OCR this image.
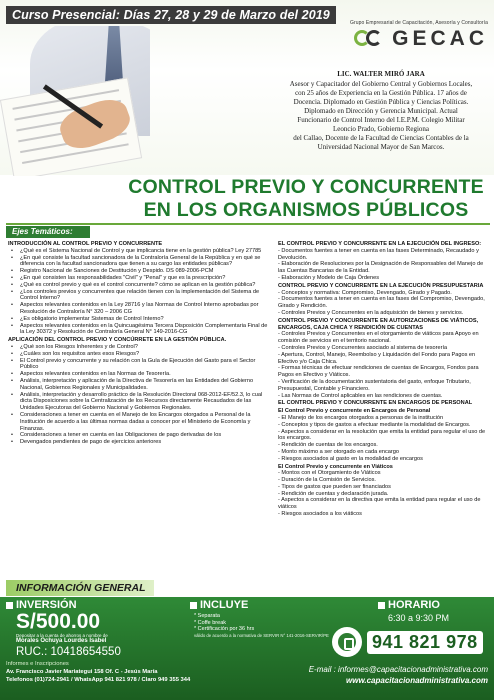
Curso Presencial: Días 27, 28 y 29 de Marzo del 2019
Grupo Empresarial de Capacitación, Asesoría y Consultoría
GECAC
LIC. WALTER MIRÓ JARA
Asesor y Capacitador del Gobierno Central y Gobiernos Locales,
con 25 años de Experiencia en la Gestión Pública. 17 años de
Docencia. Diplomado en Gestión Pública y Ciencias Políticas.
Diplomado en Dirección y Gerencia Municipal. Actual
Funcionario de Control Interno del I.E.P.M. Colegio Militar
Leoncio Prado, Gobierno Regiona
del Callao, Docente de la Facultad de Ciencias Contables de la
Universidad Nacional Mayor de San Marcos.
CONTROL PREVIO Y CONCURRENTE
EN LOS ORGANISMOS PÚBLICOS
Ejes Temáticos:
INTRODUCCIÓN AL CONTROL PREVIO Y CONCURRENTE
• ¿Qué es el Sistema Nacional de Control y que implicancia tiene en la gestión pública? Ley 27785
• ¿En qué consiste la facultad sancionadora de la Contraloría General de la República y en qué se diferencia con la facultad sancionadora que tienen a su cargo las entidades públicas?
• Registro Nacional de Sanciones de Destitución y Despido. DS 089-2006-PCM
• ¿En qué consisten las responsabilidades "Civil" y "Penal" y que es la prescripción?
• ¿Qué es control previo y qué es el control concurrente? cómo se aplican en la gestión pública?
• ¿Los controles previos y concurrentes que relación tienen con la implementación del Sistema de Control Interno?
• Aspectos relevantes contenidos en la Ley 28716 y las Normas de Control Interno aprobadas por Resolución de Contraloría N° 320 – 2006 CG
• ¿Es obligatorio implementar Sistemas de Control Interno?
• Aspectos relevantes contenidos en la Quincuagésima Tercera Disposición Complementaria Final de la Ley 30372 y Resolución de Contraloría General N° 149-2016-CG
APLICACIÓN DEL CONTROL PREVIO Y CONCÚRRETE EN LA GESTIÓN PÚBLICA.
• ¿Qué son los Riesgos Inherentes y de Control?
• ¿Cuáles son los requisitos antes esos Riesgos?
• El Control previo y concurrente y su relación con la Guía de Ejecución del Gasto para el Sector Público
• Aspectos relevantes contenidos en las Normas de Tesorería.
• Análisis, interpretación y aplicación de la Directiva de Tesorería en las Entidades del Gobierno Nacional, Gobiernos Regionales y Municipalidades.
• Análisis, interpretación y desarrollo práctico de la Resolución Directoral 068-2012-EF/52.3, lo cual dicta Disposiciones sobre la Centralización de los Recursos directamente Recaudados de las Unidades Ejecutoras del Gobierno Nacional y Gobiernos Regionales.
• Consideraciones a tener en cuenta en el Manejo de los Encargos otorgados a Personal de la Institución de acuerdo a las últimas normas dadas a conocer por el Ministerio de Economía y Finanzas.
• Consideraciones a tener en cuenta en las Obligaciones de pago derivadas de los
• Devengados pendientes de pago de ejercicios anteriores
EL CONTROL PREVIO Y CONCURRENTE EN LA EJECUCIÓN DEL INGRESO:
- Documentos fuentes a tener en cuenta en las fases Determinado, Recaudado y Devolución.
- Elaboración de Resoluciones por la Designación de Responsables del Manejo de las Cuentas Bancarias de la Entidad.
- Elaboración y Modelo de Caja Órdenes
CONTROL PREVIO Y CONCURRENTE EN LA EJECUCIÓN PRESUPUESTARIA
- Conceptos y normativa: Compromiso, Devengado, Girado y Pagado.
- Documentos fuentes a tener en cuenta en las fases del Compromiso, Devengado, Girado y Rendición.
- Controles Previos y Concurrentes en la adquisición de bienes y servicios.
CONTROL PREVIO Y CONCURRENTE EN AUTORIZACIONES DE VIÁTICOS, ENCARGOS, CAJA CHICA Y RENDICIÓN DE CUENTAS
- Controles Previos y Concurrentes en el otorgamiento de viáticos para Apoyo en comisión de servicios en el territorio nacional.
- Controles Previos y Concurrentes asociado al sistema de tesorería
- Apertura, Control, Manejo, Reembolso y Liquidación del Fondo para Pagos en Efectivo y/o Caja Chica.
- Formas técnicas de efectuar rendiciones de cuentas de Encargos, Fondos para Pagos en Efectivo y Viáticos.
- Verificación de la documentación sustentatoria del gasto, enfoque Tributario, Presupuestal, Contable y Financiero.
- Las Normas de Control aplicables en las rendiciones de cuentas.
EL CONTROL PREVIO Y CONCURRENTE EN ENCARGOS DE PERSONAL
El Control Previo y concurrente en Encargos de Personal
- El Manejo de los encargos otorgados a personas de la institución
- Conceptos y tipos de gastos a efectuar mediante la modalidad de Encargos.
- Aspectos a considerar en la resolución que emita la entidad para regular el uso de los encargos.
- Rendición de cuentas de los encargos.
- Monto máximo a ser otorgado en cada encargo
- Riesgos asociados al gasto en la modalidad de encargos
El Control Previo y concurrente en Viáticos
- Montos con el Otorgamiento de Viáticos
- Duración de la Comisión de Servicios.
- Tipos de gastos que pueden ser financiados
- Rendición de cuentas y declaración jurada.
- Aspectos a considerar en la directiva que emita la entidad para regular el uso de viáticos
- Riesgos asociados a los viáticos
INFORMACIÓN GENERAL
INVERSIÓN
S/500.00
Depositar a la cuenta de ahorros a nombre de
Morales Ochuya Lourdes Isabel
RUC.: 10418654550
INCLUYE
* Separata
* Coffe break
* Certificación por 36 hrs
válido de acuerdo a la normativa de SERVIR N° 141-2016-SERVIR/PE
HORARIO
6:30 a 9:30 PM
941 821 978
Informes e Inscripciones
Av. Francisco Javier Mariategui 158 Of. C - Jesús María
Telefonos (01)724-2941 / WhatsApp 941 821 978 / Claro 949 355 344
E-mail : informes@capacitacionadministrativa.com
www.capacitacionadministrativa.com
